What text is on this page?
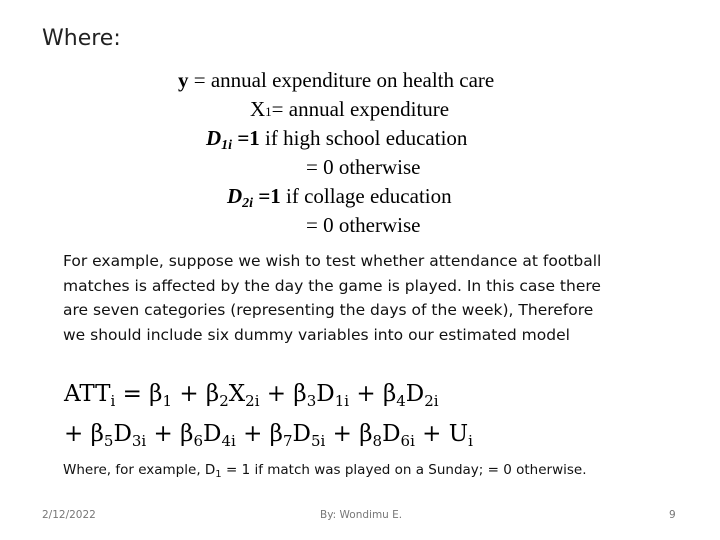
Where:
y = annual expenditure on health care
X1= annual expenditure
$D_{1i} =1$ if high school education
= 0 otherwise
$D_{2i} =1$ if collage education
= 0 otherwise
For example, suppose we wish to test whether attendance at football
matches is affected by the day the game is played. In this case there
are seven categories (representing the days of the week), Therefore
we should include six dummy variables into our estimated model
$ATT_i = \beta_1 + \beta_2X_{2i} + \beta_3D_{1i} + \beta_4D_{2i}$
+ $\beta_5D_{3i} + \beta_6D_{4i} + \beta_7D_{5i} + \beta_8D_{6i} + U_i$
Where, for example, $D_1 = 1$ if match was played on a Sunday; = 0 otherwise.
2/12/2022	By: Wondimu E.	9
